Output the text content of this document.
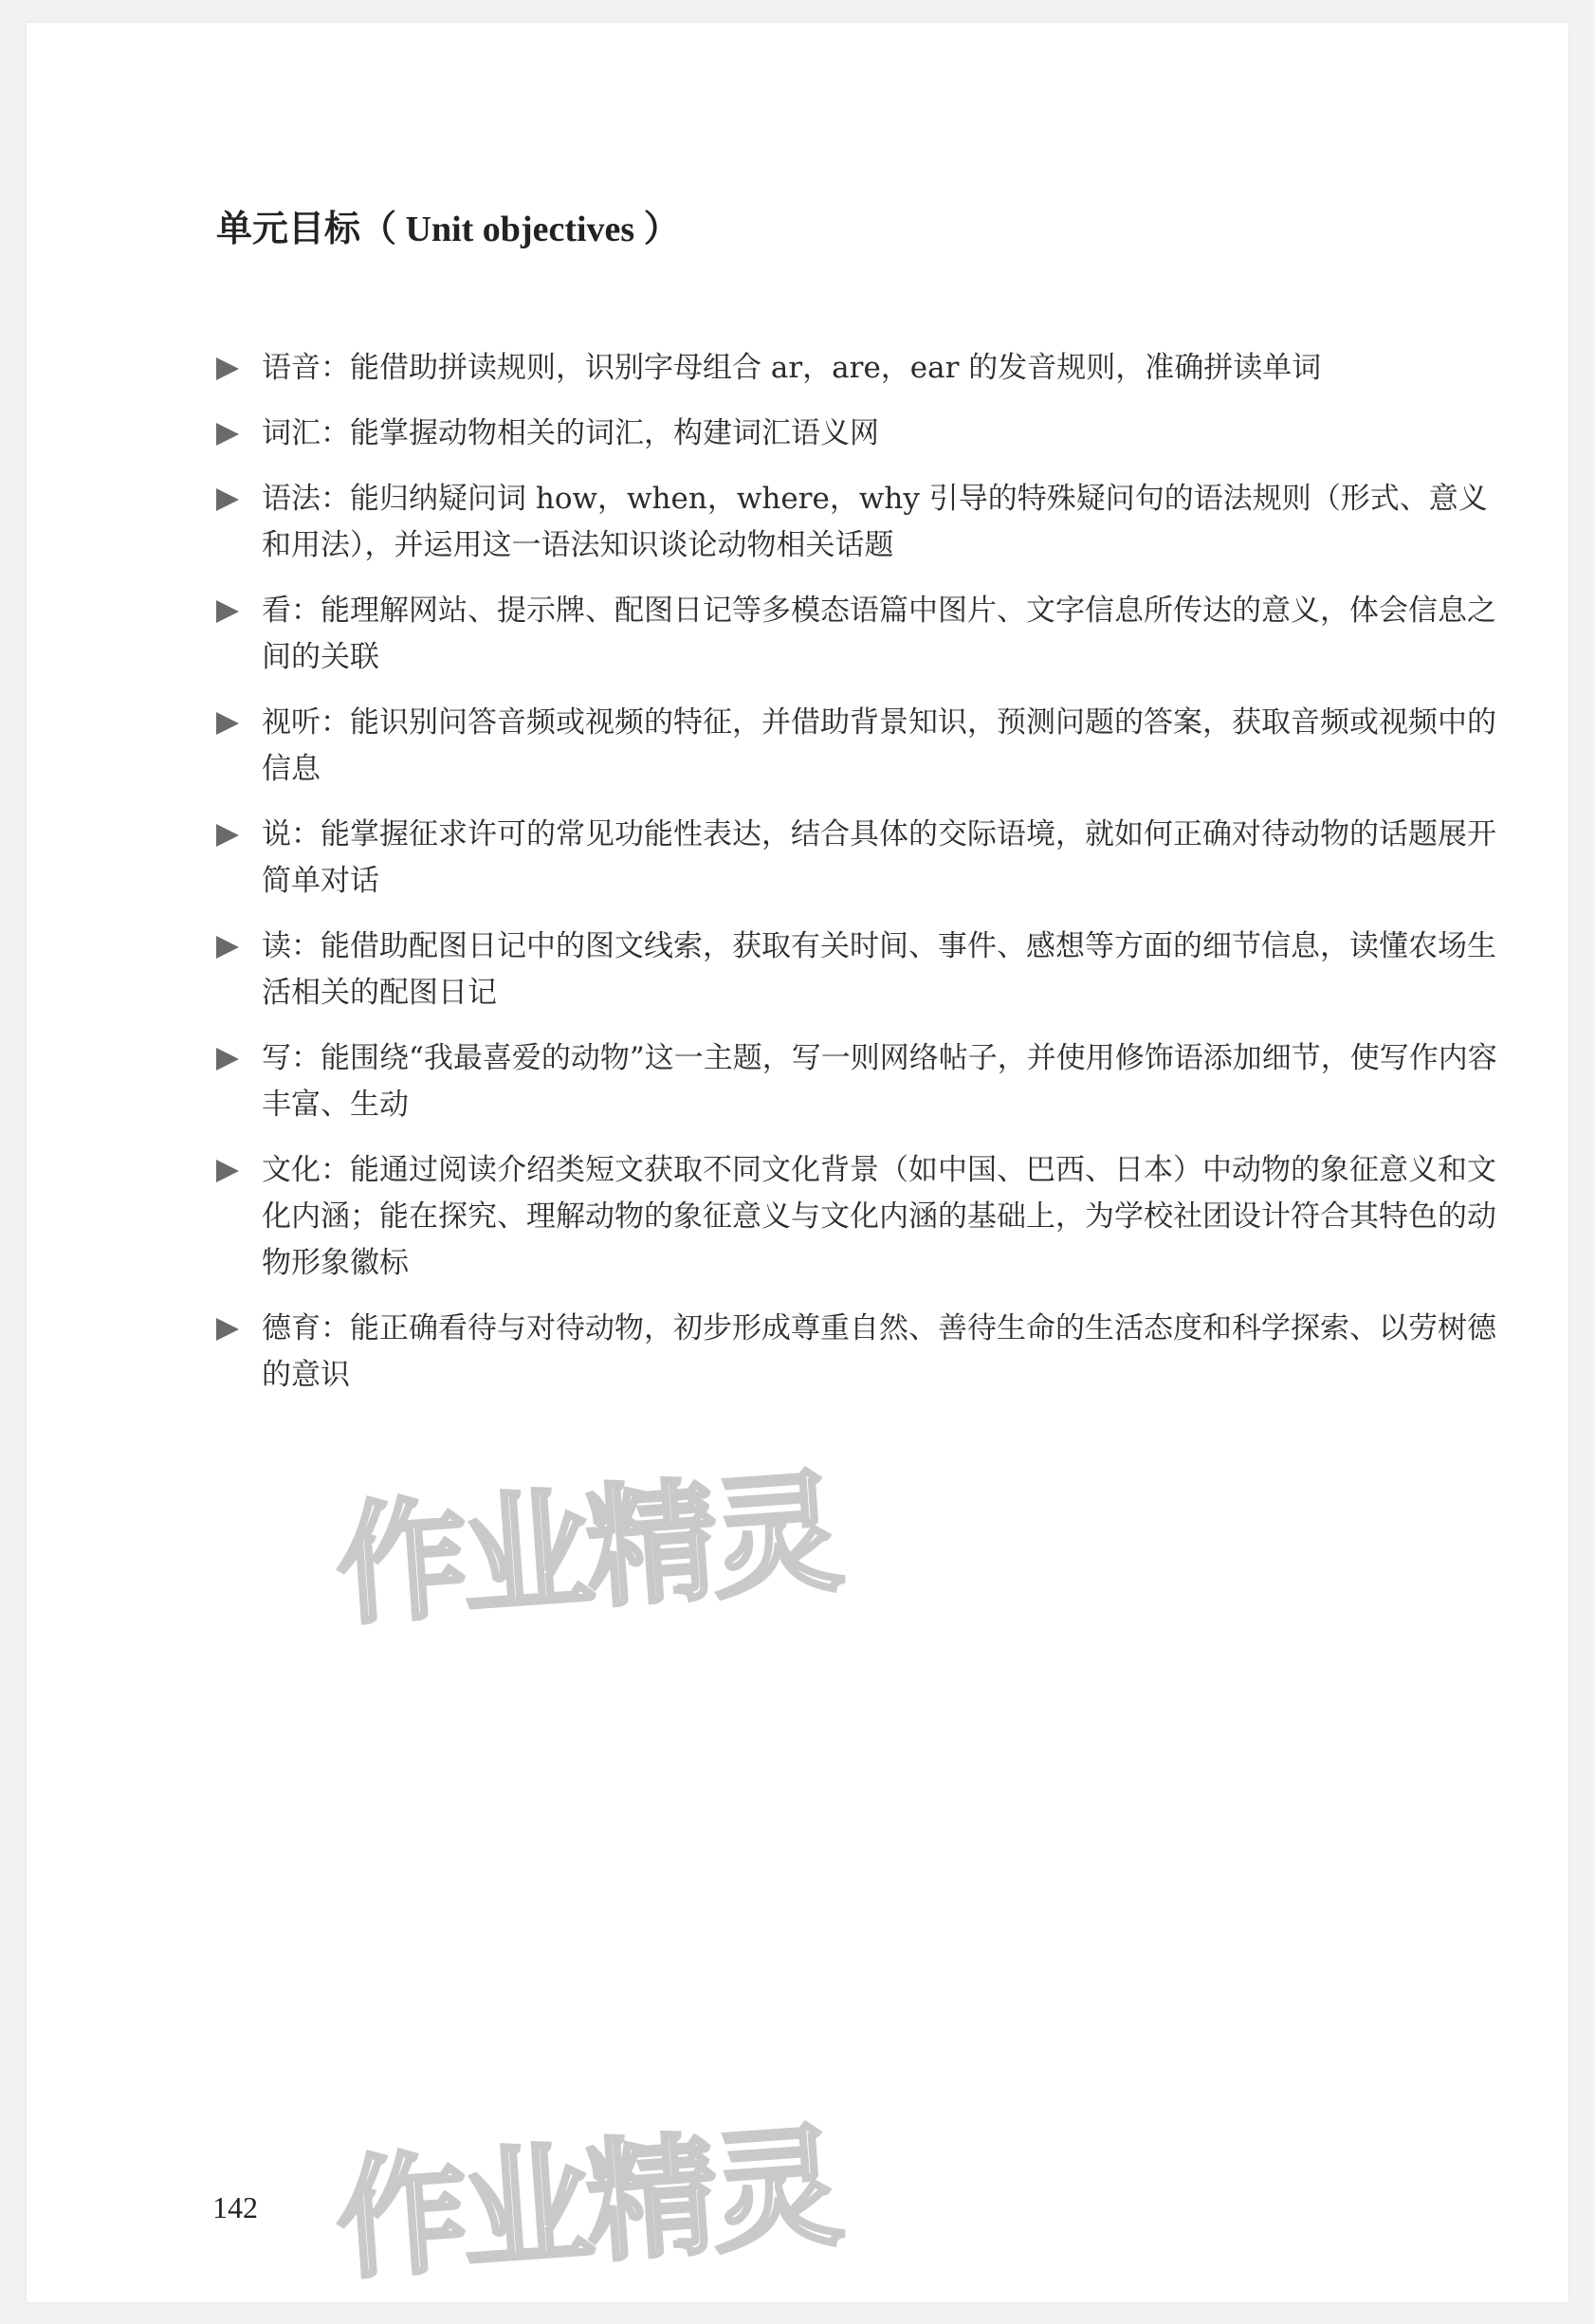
单元目标（ Unit objectives ）
语音：能借助拼读规则，识别字母组合 ar，are，ear 的发音规则，准确拼读单词
词汇：能掌握动物相关的词汇，构建词汇语义网
语法：能归纳疑问词 how，when，where，why 引导的特殊疑问句的语法规则（形式、意义和用法），并运用这一语法知识谈论动物相关话题
看：能理解网站、提示牌、配图日记等多模态语篇中图片、文字信息所传达的意义，体会信息之间的关联
视听：能识别问答音频或视频的特征，并借助背景知识，预测问题的答案，获取音频或视频中的信息
说：能掌握征求许可的常见功能性表达，结合具体的交际语境，就如何正确对待动物的话题展开简单对话
读：能借助配图日记中的图文线索，获取有关时间、事件、感想等方面的细节信息，读懂农场生活相关的配图日记
写：能围绕“我最喜爱的动物”这一主题，写一则网络帖子，并使用修饰语添加细节，使写作内容丰富、生动
文化：能通过阅读介绍类短文获取不同文化背景（如中国、巴西、日本）中动物的象征意义和文化内涵；能在探究、理解动物的象征意义与文化内涵的基础上，为学校社团设计符合其特色的动物形象徽标
德育：能正确看待与对待动物，初步形成尊重自然、善待生命的生活态度和科学探索、以劳树德的意识
作业精灵
作业精灵
142
